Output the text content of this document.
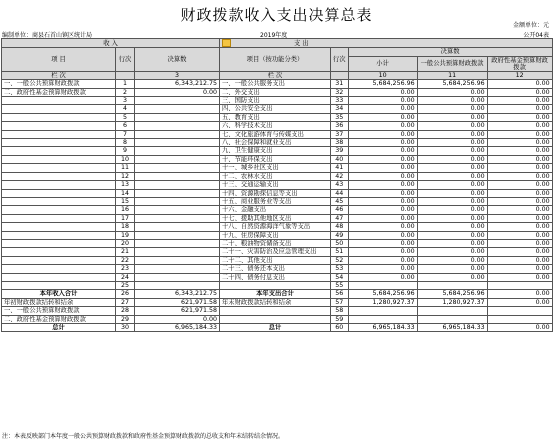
财政拨款收入支出决算总表
金额单位：元
编制单位：商县石首山镇区统计局	2019年度	公开04表
收 入			支 出				
项 目	行次	决算数	项目（按功能分类）	行次	决算数		
					小计	一般公共预算财政拨款	政府性基金预算财政拨款
栏 次		3	栏 次		10	11	12
一、一般公共预算财政拨款	1	6,343,212.75	一、一般公共服务支出	31	5,684,256.96	5,684,256.96	0.00
二、政府性基金预算财政拨款	2	0.00	二、外交支出	32	0.00	0.00	0.00
	3		三、国防支出	33	0.00	0.00	0.00
	4		四、公共安全支出	34	0.00	0.00	0.00
	5		五、教育支出	35	0.00	0.00	0.00
	6		六、科学技术支出	36	0.00	0.00	0.00
	7		七、文化旅游体育与传媒支出	37	0.00	0.00	0.00
	8		八、社会保障和就业支出	38	0.00	0.00	0.00
	9		九、卫生健康支出	39	0.00	0.00	0.00
	10		十、节能环保支出	40	0.00	0.00	0.00
	11		十一、城乡社区支出	41	0.00	0.00	0.00
	12		十二、农林水支出	42	0.00	0.00	0.00
	13		十三、交通运输支出	43	0.00	0.00	0.00
	14		十四、资源勘探信息等支出	44	0.00	0.00	0.00
	15		十五、商业服务业等支出	45	0.00	0.00	0.00
	16		十六、金融支出	46	0.00	0.00	0.00
	17		十七、援助其他地区支出	47	0.00	0.00	0.00
	18		十八、自然资源海洋气象等支出	48	0.00	0.00	0.00
	19		十九、住房保障支出	49	0.00	0.00	0.00
	20		二十、粮油物资储备支出	50	0.00	0.00	0.00
	21		二十一、灾害防治及应急管理支出	51	0.00	0.00	0.00
	22		二十二、其他支出	52	0.00	0.00	0.00
	23		二十三、债务还本支出	53	0.00	0.00	0.00
	24		二十四、债务付息支出	54	0.00	0.00	0.00
	25			55			
本年收入合计	26	6,343,212.75	本年支出合计	56	5,684,256.96	5,684,256.96	0.00
年初财政拨款结转和结余	27	621,971.58	年末财政拨款结转和结余	57	1,280,927.37	1,280,927.37	0.00
一、一般公共预算财政拨款	28	621,971.58		58			
二、政府性基金预算财政拨款	29	0.00		59			
总计	30	6,965,184.33	总计	60	6,965,184.33	6,965,184.33	0.00
注：本表反映部门本年度一般公共预算财政拨款和政府性基金预算财政拨款的总收支和年末结转结余情况。
